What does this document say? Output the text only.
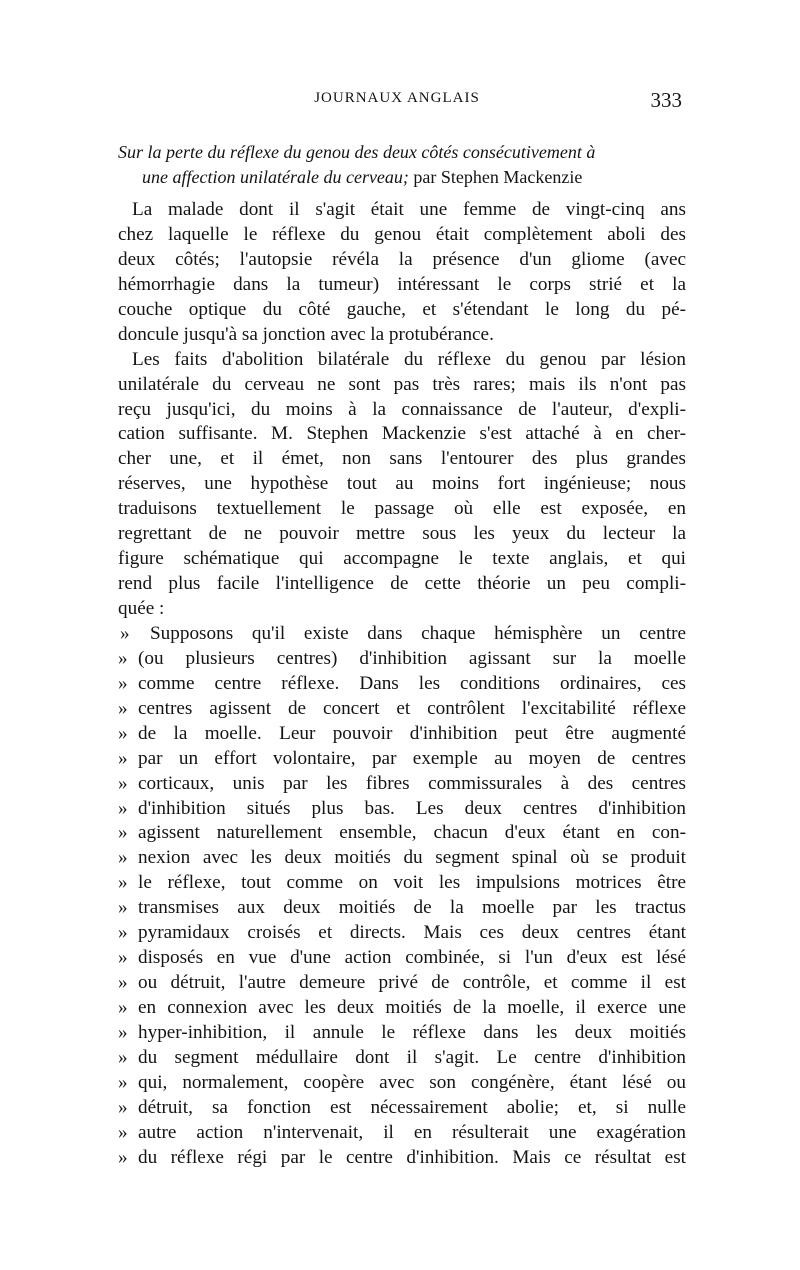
JOURNAUX ANGLAIS	333
Sur la perte du réflexe du genou des deux côtés consécutivement à
une affection unilatérale du cerveau; par Stephen Mackenzie
La malade dont il s'agit était une femme de vingt-cinq ans
chez laquelle le réflexe du genou était complètement aboli des
deux côtés; l'autopsie révéla la présence d'un gliome (avec
hémorrhagie dans la tumeur) intéressant le corps strié et la
couche optique du côté gauche, et s'étendant le long du pé-
doncule jusqu'à sa jonction avec la protubérance.
Les faits d'abolition bilatérale du réflexe du genou par lésion
unilatérale du cerveau ne sont pas très rares; mais ils n'ont pas
reçu jusqu'ici, du moins à la connaissance de l'auteur, d'expli-
cation suffisante. M. Stephen Mackenzie s'est attaché à en cher-
cher une, et il émet, non sans l'entourer des plus grandes
réserves, une hypothèse tout au moins fort ingénieuse; nous
traduisons textuellement le passage où elle est exposée, en
regrettant de ne pouvoir mettre sous les yeux du lecteur la
figure schématique qui accompagne le texte anglais, et qui
rend plus facile l'intelligence de cette théorie un peu compli-
quée :
»	Supposons qu'il existe dans chaque hémisphère un centre
» (ou plusieurs centres) d'inhibition agissant sur la moelle
» comme centre réflexe. Dans les conditions ordinaires, ces
» centres agissent de concert et contrôlent l'excitabilité réflexe
» de la moelle. Leur pouvoir d'inhibition peut être augmenté
» par un effort volontaire, par exemple au moyen de centres
» corticaux, unis par les fibres commissurales à des centres
» d'inhibition situés plus bas. Les deux centres d'inhibition
» agissent naturellement ensemble, chacun d'eux étant en con-
» nexion avec les deux moitiés du segment spinal où se produit
» le réflexe, tout comme on voit les impulsions motrices être
» transmises aux deux moitiés de la moelle par les tractus
» pyramidaux croisés et directs. Mais ces deux centres étant
» disposés en vue d'une action combinée, si l'un d'eux est lésé
» ou détruit, l'autre demeure privé de contrôle, et comme il est
» en connexion avec les deux moitiés de la moelle, il exerce une
» hyper-inhibition, il annule le réflexe dans les deux moitiés
» du segment médullaire dont il s'agit. Le centre d'inhibition
» qui, normalement, coopère avec son congénère, étant lésé ou
» détruit, sa fonction est nécessairement abolie; et, si nulle
» autre action n'intervenait, il en résulterait une exagération
» du réflexe régi par le centre d'inhibition. Mais ce résultat est
